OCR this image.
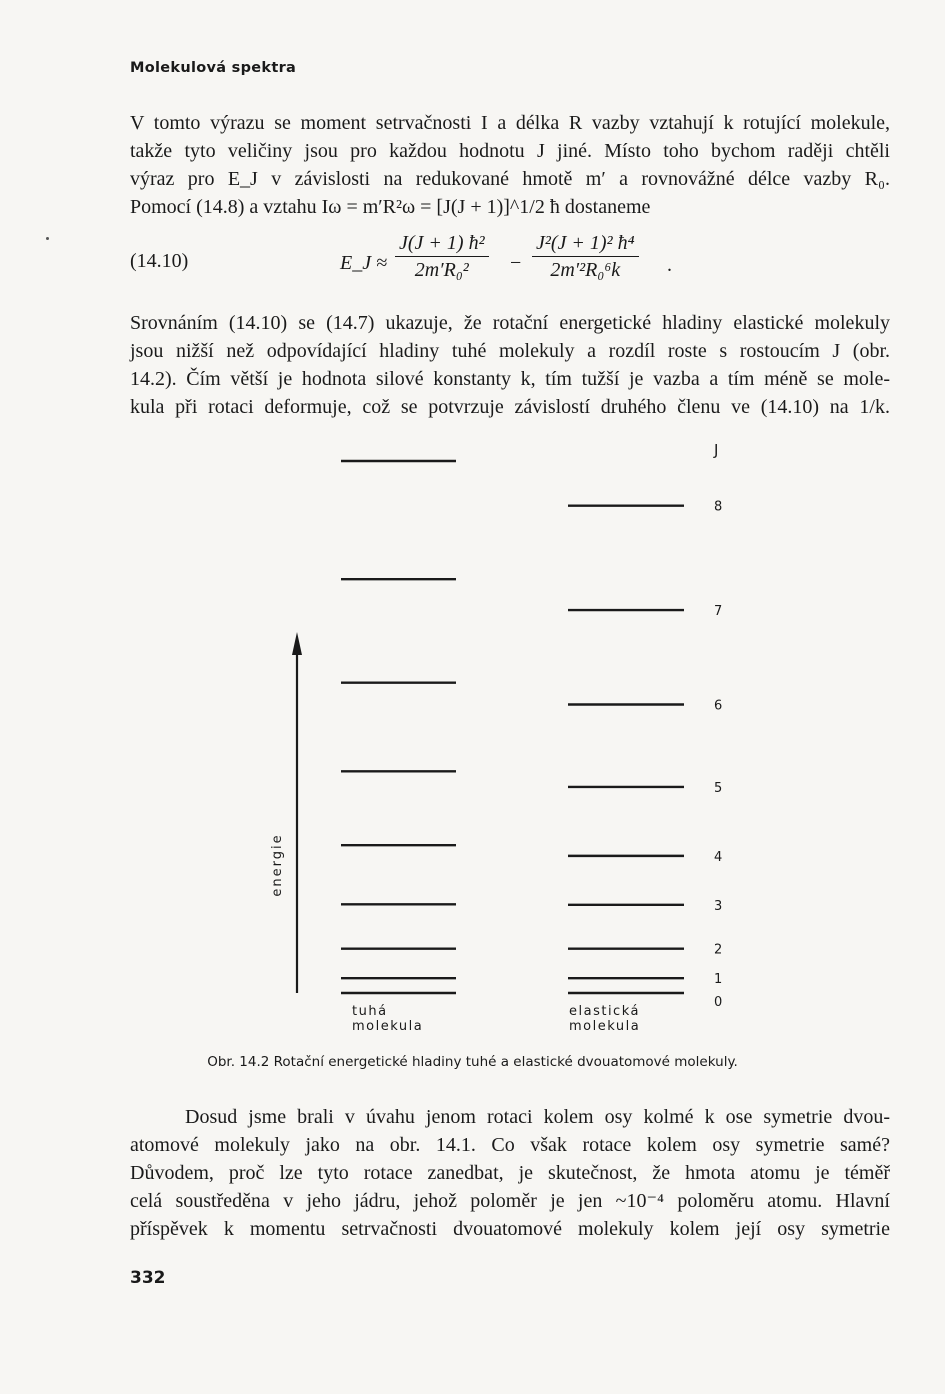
Molekulová spektra
V tomto výrazu se moment setrvačnosti I a délka R vazby vztahují k rotující molekule,
takže tyto veličiny jsou pro každou hodnotu J jiné. Místo toho bychom raději chtěli
výraz pro E_J v závislosti na redukované hmotě m′ a rovnovážné délce vazby R₀.
Pomocí (14.8) a vztahu Iω = m′R²ω = [J(J + 1)]^1/2 ħ dostaneme
(14.10)	E_J ≈ $\frac{\text{J(J + 1) ħ²}}{\text{2m′R₀²}} - \frac{\text{J²(J + 1)² ħ⁴}}{\text{2m′²R₀⁶k}}$ .
Srovnáním (14.10) se (14.7) ukazuje, že rotační energetické hladiny elastické molekuly
jsou nižší než odpovídající hladiny tuhé molekuly a rozdíl roste s rostoucím J (obr.
14.2). Čím větší je hodnota silové konstanty k, tím tužší je vazba a tím méně se mole-
kula při rotaci deformuje, což se potvrzuje závislostí druhého členu ve (14.10) na 1/k.
energie
J
8
7
6
5
4
3
2
1
0
tuhá
molekula
elastická
molekula
Obr. 14.2 Rotační energetické hladiny tuhé a elastické dvouatomové molekuly.
Dosud jsme brali v úvahu jenom rotaci kolem osy kolmé k ose symetrie dvou-
atomové molekuly jako na obr. 14.1. Co však rotace kolem osy symetrie samé?
Důvodem, proč lze tyto rotace zanedbat, je skutečnost, že hmota atomu je téměř
celá soustředěna v jeho jádru, jehož poloměr je jen ~10⁻⁴ poloměru atomu. Hlavní
příspěvek k momentu setrvačnosti dvouatomové molekuly kolem její osy symetrie
332
